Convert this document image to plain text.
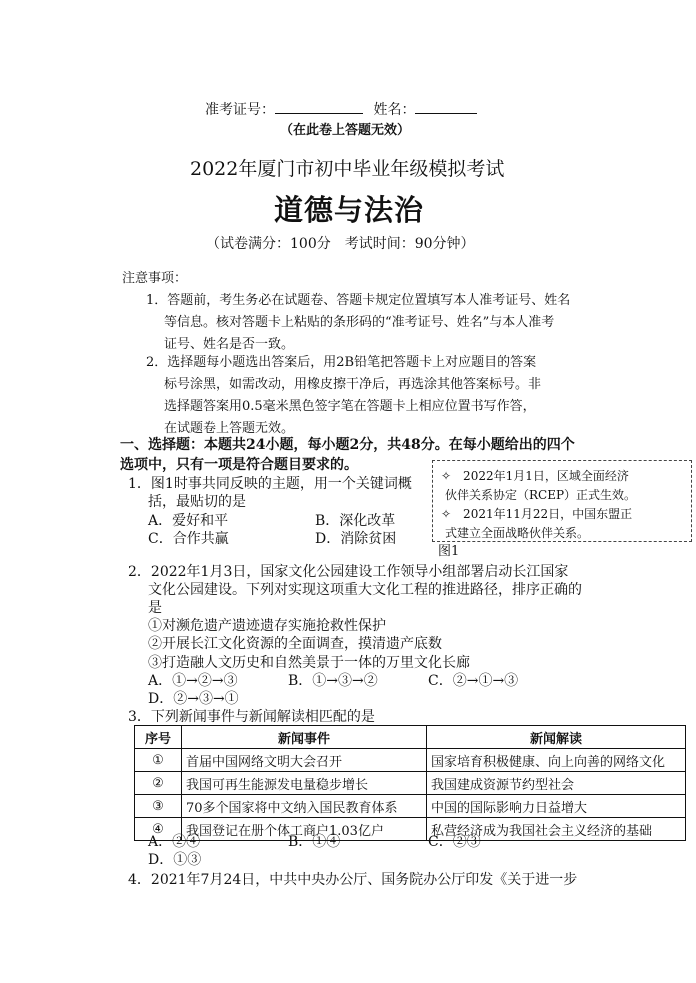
准考证号：	姓名：
（在此卷上答题无效）
2022年厦门市初中毕业年级模拟考试
道德与法治
（试卷满分：100分　考试时间：90分钟）
注意事项：
1．答题前，考生务必在试题卷、答题卡规定位置填写本人准考证号、姓名
等信息。核对答题卡上粘贴的条形码的“准考证号、姓名”与本人准考
证号、姓名是否一致。
2．选择题每小题选出答案后，用2B铅笔把答题卡上对应题目的答案
标号涂黑，如需改动，用橡皮擦干净后，再选涂其他答案标号。非
选择题答案用0.5毫米黑色签字笔在答题卡上相应位置书写作答，
在试题卷上答题无效。
一、选择题：本题共24小题，每小题2分，共48分。在每小题给出的四个
选项中，只有一项是符合题目要求的。
1．图1时事共同反映的主题，用一个关键词概
括，最贴切的是
A．爱好和平	B．深化改革
C．合作共赢	D．消除贫困
✧　2022年1月1日，区域全面经济
伙伴关系协定（RCEP）正式生效。
✧　2021年11月22日，中国东盟正
式建立全面战略伙伴关系。
图1
2．2022年1月3日，国家文化公园建设工作领导小组部署启动长江国家
文化公园建设。下列对实现这项重大文化工程的推进路径，排序正确的
是
①对濒危遗产遗迹遗存实施抢救性保护
②开展长江文化资源的全面调查，摸清遗产底数
③打造融人文历史和自然美景于一体的万里文化长廊
A．①→②→③	B．①→③→②	C．②→①→③
D．②→③→①
3．下列新闻事件与新闻解读相匹配的是
序号	新闻事件	新闻解读
①	首届中国网络文明大会召开	国家培育积极健康、向上向善的网络文化
②	我国可再生能源发电量稳步增长	我国建成资源节约型社会
③	70多个国家将中文纳入国民教育体系	中国的国际影响力日益增大
④	我国登记在册个体工商户1.03亿户	私营经济成为我国社会主义经济的基础
A．②④	B．①④	C．②③
D．①③
4．2021年7月24日，中共中央办公厅、国务院办公厅印发《关于进一步
